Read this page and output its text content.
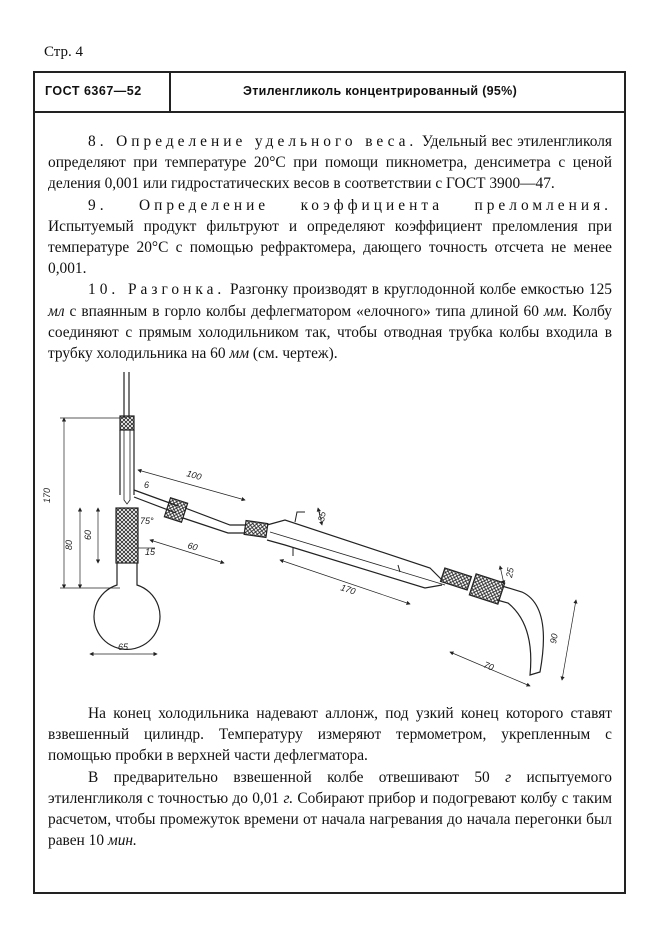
Стр. 4
ГОСТ 6367—52	Этиленгликоль концентрированный (95%)

8. Определение удельного веса. Удельный вес этиленгликоля определяют при температуре 20°С при помощи пикнометра, денсиметра с ценой деления 0,001 или гидростатических весов в соответствии с ГОСТ 3900—47.

9. Определение коэффициента преломления. Испытуемый продукт фильтруют и определяют коэффициент преломления при температуре 20°С с помощью рефрактомера, дающего точность отсчета не менее 0,001.

10. Разгонка. Разгонку производят в круглодонной колбе емкостью 125 мл с впаянным в горло колбы дефлегматором «елочного» типа длиной 60 мм. Колбу соединяют с прямым холодильником так, чтобы отводная трубка колбы входила в трубку холодильника на 60 мм (см. чертеж).

На конец холодильника надевают аллонж, под узкий конец которого ставят взвешенный цилиндр. Температуру измеряют термометром, укрепленным с помощью пробки в верхней части дефлегматора.

В предварительно взвешенной колбе отвешивают 50 г испытуемого этиленгликоля с точностью до 0,01 г. Собирают прибор и подогревают колбу с таким расчетом, чтобы промежуток времени от начала нагревания до начала перегонки был равен 10 мин.

170
80
60
6
100
75°
60
15
65
35
170
25
90
70
